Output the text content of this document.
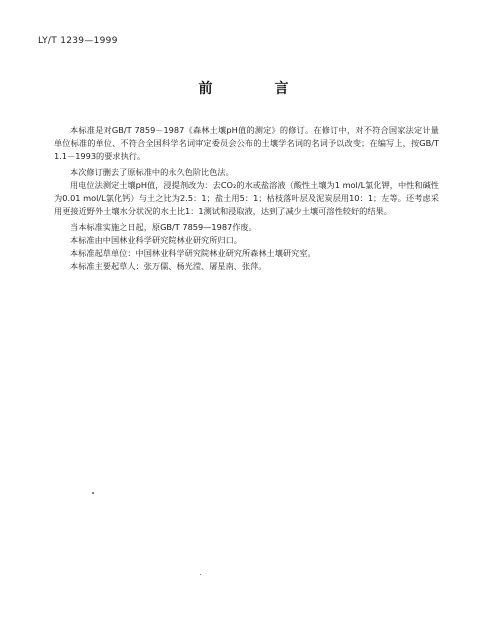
LY/T 1239—1999
前　言

本标准是对GB/T 7859－1987《森林土壤pH值的测定》的修订。在修订中，对不符合国家法定计量单位标准的单位、不符合全国科学名词审定委员会公布的土壤学名词的名词予以改变；在编写上，按GB/T 1.1－1993的要求执行。

本次修订删去了原标准中的永久色阶比色法。

用电位法测定土壤pH值，浸提剂改为：去CO₂的水或盐溶液（酸性土壤为1 mol/L氯化钾，中性和碱性为0.01 mol/L氯化钙）与土之比为2.5：1；盐土用5：1；枯枝落叶层及泥炭层用10：1；左等。还考虑采用更接近野外土壤水分状况的水土比1：1测试和浸取液，达到了减少土壤可溶性较好的结果。

当本标准实施之日起，原GB/T 7859—1987作废。

本标准由中国林业科学研究院林业研究所归口。

本标准起草单位：中国林业科学研究院林业研究所森林土壤研究室。

本标准主要起草人：张万儒、杨光滢、屠星南、张萍。
